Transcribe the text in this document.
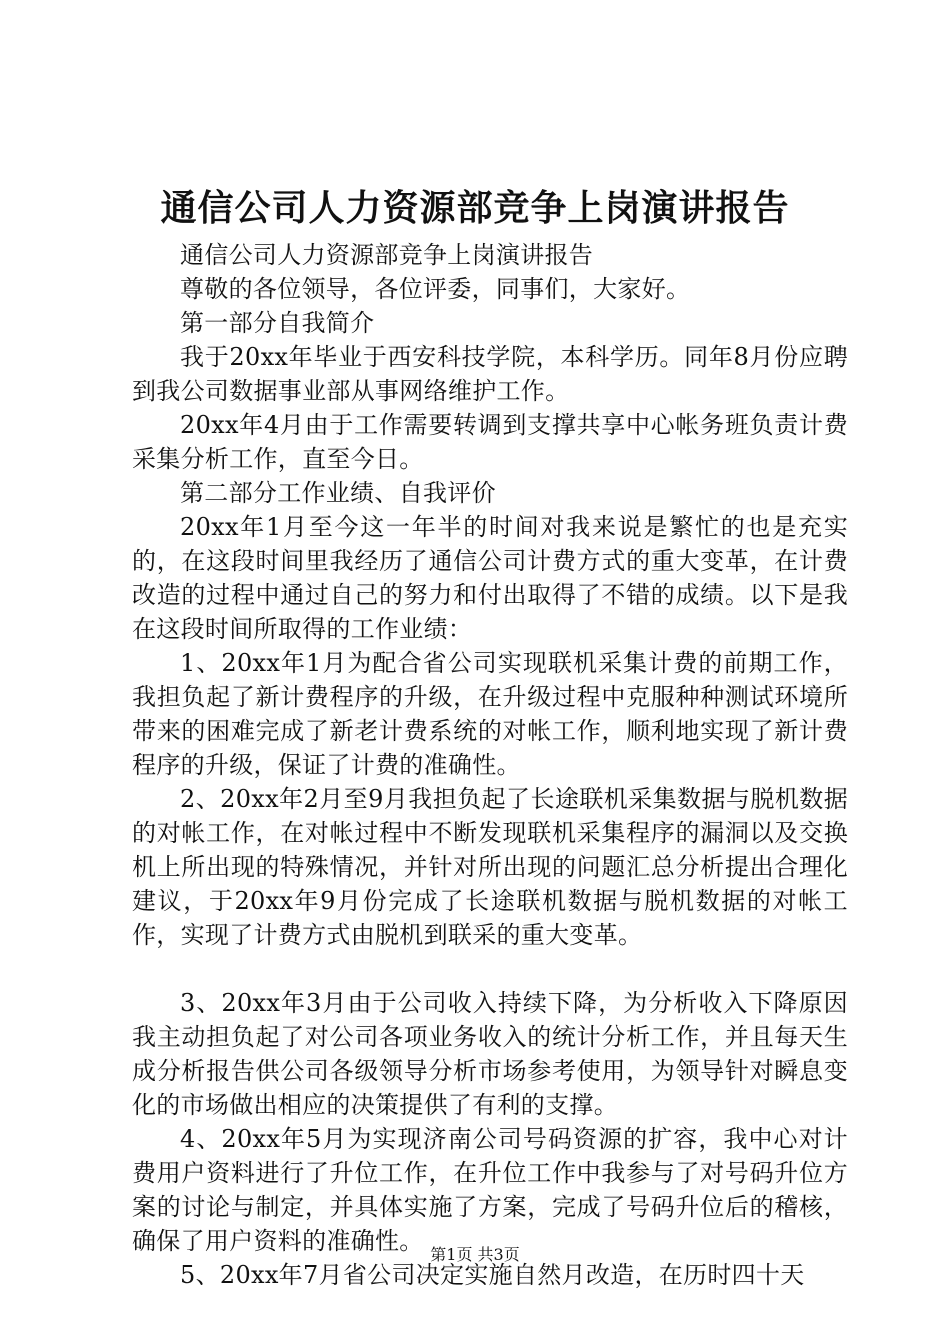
通信公司人力资源部竞争上岗演讲报告

通信公司人力资源部竞争上岗演讲报告

尊敬的各位领导，各位评委，同事们，大家好。

第一部分自我简介

我于20xx年毕业于西安科技学院，本科学历。同年8月份应聘到我公司数据事业部从事网络维护工作。

20xx年4月由于工作需要转调到支撑共享中心帐务班负责计费采集分析工作，直至今日。

第二部分工作业绩、自我评价

20xx年1月至今这一年半的时间对我来说是繁忙的也是充实的，在这段时间里我经历了通信公司计费方式的重大变革，在计费改造的过程中通过自己的努力和付出取得了不错的成绩。以下是我在这段时间所取得的工作业绩：

1、20xx年1月为配合省公司实现联机采集计费的前期工作，我担负起了新计费程序的升级，在升级过程中克服种种测试环境所带来的困难完成了新老计费系统的对帐工作，顺利地实现了新计费程序的升级，保证了计费的准确性。

2、20xx年2月至9月我担负起了长途联机采集数据与脱机数据的对帐工作，在对帐过程中不断发现联机采集程序的漏洞以及交换机上所出现的特殊情况，并针对所出现的问题汇总分析提出合理化建议，于20xx年9月份完成了长途联机数据与脱机数据的对帐工作，实现了计费方式由脱机到联采的重大变革。

3、20xx年3月由于公司收入持续下降，为分析收入下降原因我主动担负起了对公司各项业务收入的统计分析工作，并且每天生成分析报告供公司各级领导分析市场参考使用，为领导针对瞬息变化的市场做出相应的决策提供了有利的支撑。

4、20xx年5月为实现济南公司号码资源的扩容，我中心对计费用户资料进行了升位工作，在升位工作中我参与了对号码升位方案的讨论与制定，并具体实施了方案，完成了号码升位后的稽核，确保了用户资料的准确性。

5、20xx年7月省公司决定实施自然月改造，在历时四十天

第1页 共3页
